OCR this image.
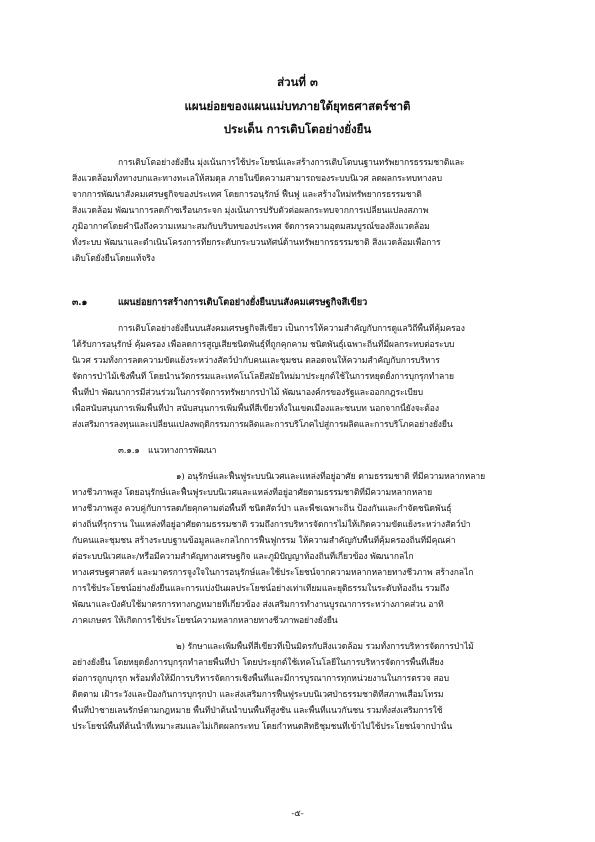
ส่วนที่ ๓
แผนย่อยของแผนแม่บทภายใต้ยุทธศาสตร์ชาติ
ประเด็น การเติบโตอย่างยั่งยืน
การเติบโตอย่างยั่งยืน มุ่งเน้นการใช้ประโยชน์และสร้างการเติบโตบนฐานทรัพยากรธรรมชาติและ
สิ่งแวดล้อมทั้งทางบกและทางทะเลให้สมดุล ภายในขีดความสามารถของระบบนิเวศ ลดผลกระทบทางลบ
จากการพัฒนาสังคมเศรษฐกิจของประเทศ โดยการอนุรักษ์ ฟื้นฟู และสร้างใหม่ทรัพยากรธรรมชาติ
สิ่งแวดล้อม พัฒนาการลดก๊าซเรือนกระจก มุ่งเน้นการปรับตัวต่อผลกระทบจากการเปลี่ยนแปลงสภาพ
ภูมิอากาศโดยคำนึงถึงความเหมาะสมกับบริบทของประเทศ จัดการความอุดมสมบูรณ์ของสิ่งแวดล้อม
ทั้งระบบ พัฒนาและดำเนินโครงการที่ยกระดับกระบวนทัศน์ด้านทรัพยากรธรรมชาติ สิ่งแวดล้อมเพื่อการ
เติบโตยั่งยืนโดยแท้จริง
๓.๑	แผนย่อยการสร้างการเติบโตอย่างยั่งยืนบนสังคมเศรษฐกิจสีเขียว
การเติบโตอย่างยั่งยืนบนสังคมเศรษฐกิจสีเขียว เป็นการให้ความสำคัญกับการดูแลวิถีพื้นที่คุ้มครอง
ได้รับการอนุรักษ์ คุ้มครอง เพื่อลดการสูญเสียชนิดพันธุ์ที่ถูกคุกคาม ชนิดพันธุ์เฉพาะถิ่นที่มีผลกระทบต่อระบบ
นิเวศ รวมทั้งการลดความขัดแย้งระหว่างสัตว์ป่ากับคนและชุมชน ตลอดจนให้ความสำคัญกับการบริหาร
จัดการป่าไม้เชิงพื้นที่ โดยนำนวัตกรรมและเทคโนโลยีสมัยใหม่มาประยุกต์ใช้ในการหยุดยั้งการบุกรุกทำลาย
พื้นที่ป่า พัฒนาการมีส่วนร่วมในการจัดการทรัพยากรป่าไม้ พัฒนาองค์กรของรัฐและออกกฎระเบียบ
เพื่อสนับสนุนการเพิ่มพื้นที่ป่า สนับสนุนการเพิ่มพื้นที่สีเขียวทั้งในเขตเมืองและชนบท นอกจากนี้ยังจะต้อง
ส่งเสริมการลงทุนและเปลี่ยนแปลงพฤติกรรมการผลิตและการบริโภคไปสู่การผลิตและการบริโภคอย่างยั่งยืน
๓.๑.๑ แนวทางการพัฒนา
๑) อนุรักษ์และฟื้นฟูระบบนิเวศและแหล่งที่อยู่อาศัย ตามธรรมชาติ ที่มีความหลากหลาย
ทางชีวภาพสูง โดยอนุรักษ์และฟื้นฟูระบบนิเวศและแหล่งที่อยู่อาศัยตามธรรมชาติที่มีความหลากหลาย
ทางชีวภาพสูง ควบคู่กับการลดภัยคุกคามต่อพื้นที่ ชนิดสัตว์ป่า และพืชเฉพาะถิ่น ป้องกันและกำจัดชนิดพันธุ์
ต่างถิ่นที่รุกราน ในแหล่งที่อยู่อาศัยตามธรรมชาติ รวมถึงการบริหารจัดการไม่ให้เกิดความขัดแย้งระหว่างสัตว์ป่า
กับคนและชุมชน สร้างระบบฐานข้อมูลและกลไกการฟื้นฟูกรรม ให้ความสำคัญกับพื้นที่คุ้มครองถิ่นที่มีคุณค่า
ต่อระบบนิเวศและ/หรือมีความสำคัญทางเศรษฐกิจ และภูมิปัญญาท้องถิ่นที่เกี่ยวข้อง พัฒนากลไก
ทางเศรษฐศาสตร์ และมาตรการจูงใจในการอนุรักษ์และใช้ประโยชน์จากความหลากหลายทางชีวภาพ สร้างกลไก
การใช้ประโยชน์อย่างยั่งยืนและการแบ่งปันผลประโยชน์อย่างเท่าเทียมและยุติธรรมในระดับท้องถิ่น รวมถึง
พัฒนาและบังคับใช้มาตรการทางกฎหมายที่เกี่ยวข้อง ส่งเสริมการทำงานบูรณาการระหว่างภาคส่วน อาทิ
ภาคเกษตร ให้เกิดการใช้ประโยชน์ความหลากหลายทางชีวภาพอย่างยั่งยืน
๒) รักษาและเพิ่มพื้นที่สีเขียวที่เป็นมิตรกับสิ่งแวดล้อม รวมทั้งการบริหารจัดการป่าไม้
อย่างยั่งยืน โดยหยุดยั้งการบุกรุกทำลายพื้นที่ป่า โดยประยุกต์ใช้เทคโนโลยีในการบริหารจัดการพื้นที่เสี่ยง
ต่อการถูกบุกรุก พร้อมทั้งให้มีการบริหารจัดการเชิงพื้นที่และมีการบูรณาการทุกหน่วยงานในการตรวจ สอบ
ติดตาม เฝ้าระวังและป้องกันการบุกรุกป่า และส่งเสริมการฟื้นฟูระบบนิเวศป่าธรรมชาติที่สภาพเสื่อมโทรม
พื้นที่ป่าชายเลนรักษ์ตามกฎหมาย พื้นที่ป่าต้นน้ำบนพื้นที่สูงชัน และพื้นที่แนวกันชน รวมทั้งส่งเสริมการใช้
ประโยชน์พื้นที่ต้นน้ำที่เหมาะสมและไม่เกิดผลกระทบ โดยกำหนดสิทธิชุมชนที่เข้าไปใช้ประโยชน์จากป่านั้น
-๕-
